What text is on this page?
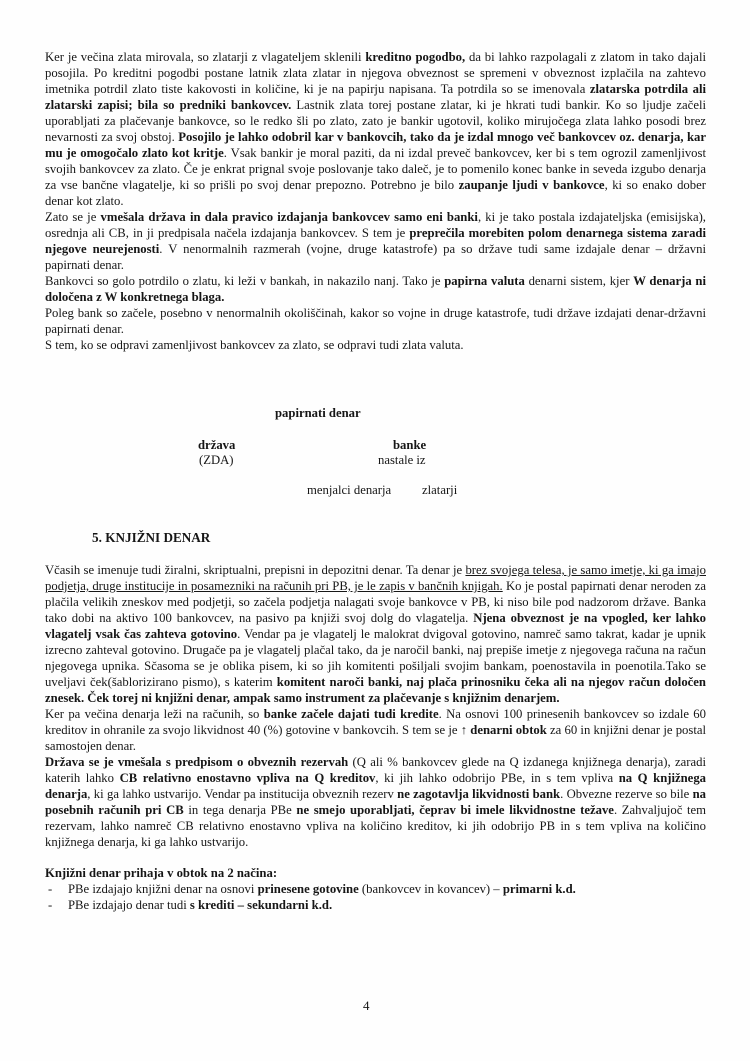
Ker je večina zlata mirovala, so zlatarji z vlagateljem sklenili kreditno pogodbo, da bi lahko razpolagali z zlatom in tako dajali posojila. Po kreditni pogodbi postane latnik zlata zlatar in njegova obveznost se spremeni v obveznost izplačila na zahtevo imetnika potrdil zlato tiste kakovosti in količine, ki je na papirju napisana. Ta potrdila so se imenovala zlatarska potrdila ali zlatarski zapisi; bila so predniki bankovcev. Lastnik zlata torej postane zlatar, ki je hkrati tudi bankir. Ko so ljudje začeli uporabljati za plačevanje bankovce, so le redko šli po zlato, zato je bankir ugotovil, koliko mirujočega zlata lahko posodi brez nevarnosti za svoj obstoj. Posojilo je lahko odobril kar v bankovcih, tako da je izdal mnogo več bankovcev oz. denarja, kar mu je omogočalo zlato kot kritje. Vsak bankir je moral paziti, da ni izdal preveč bankovcev, ker bi s tem ogrozil zamenljivost svojih bankovcev za zlato. Če je enkrat prignal svoje poslovanje tako daleč, je to pomenilo konec banke in seveda izgubo denarja za vse bančne vlagatelje, ki so prišli po svoj denar prepozno. Potrebno je bilo zaupanje ljudi v bankovce, ki so enako dober denar kot zlato.

Zato se je vmešala država in dala pravico izdajanja bankovcev samo eni banki, ki je tako postala izdajateljska (emisijska), osrednja ali CB, in ji predpisala načela izdajanja bankovcev. S tem je preprečila morebiten polom denarnega sistema zaradi njegove neurejenosti. V nenormalnih razmerah (vojne, druge katastrofe) pa so države tudi same izdajale denar – državni papirnati denar.

Bankovci so golo potrdilo o zlatu, ki leži v bankah, in nakazilo nanj. Tako je papirna valuta denarni sistem, kjer W denarja ni določena z W konkretnega blaga.

Poleg bank so začele, posebno v nenormalnih okoliščinah, kakor so vojne in druge katastrofe, tudi države izdajati denar-državni papirnati denar.

S tem, ko se odpravi zamenljivost bankovcev za zlato, se odpravi tudi zlata valuta.

papirnati denar
država
(ZDA)
banke
nastale iz
menjalci denarja zlatarji
5. KNJIŽNI DENAR

Včasih se imenuje tudi žiralni, skriptualni, prepisni in depozitni denar. Ta denar je brez svojega telesa, je samo imetje, ki ga imajo podjetja, druge institucije in posamezniki na računih pri PB, je le zapis v bančnih knjigah. Ko je postal papirnati denar neroden za plačila velikih zneskov med podjetji, so začela podjetja nalagati svoje bankovce v PB, ki niso bile pod nadzorom države. Banka tako dobi na aktivo 100 bankovcev, na pasivo pa knjiži svoj dolg do vlagatelja. Njena obveznost je na vpogled, ker lahko vlagatelj vsak čas zahteva gotovino. Vendar pa je vlagatelj le malokrat dvigoval gotovino, namreč samo takrat, kadar je upnik izrecno zahteval gotovino. Drugače pa je vlagatelj plačal tako, da je naročil banki, naj prepiše imetje z njegovega računa na račun njegovega upnika. Sčasoma se je oblika pisem, ki so jih komitenti pošiljali svojim bankam, poenostavila in poenotila.Tako se uveljavi ček(šablorizirano pismo), s katerim komitent naroči banki, naj plača prinosniku čeka ali na njegov račun določen znesek. Ček torej ni knjižni denar, ampak samo instrument za plačevanje s knjižnim denarjem.

Ker pa večina denarja leži na računih, so banke začele dajati tudi kredite. Na osnovi 100 prinesenih bankovcev so izdale 60 kreditov in ohranile za svojo likvidnost 40 (%) gotovine v bankovcih. S tem se je ↑ denarni obtok za 60 in knjižni denar je postal samostojen denar.

Država se je vmešala s predpisom o obveznih rezervah (Q ali % bankovcev glede na Q izdanega knjižnega denarja), zaradi katerih lahko CB relativno enostavno vpliva na Q kreditov, ki jih lahko odobrijo PBe, in s tem vpliva na Q knjižnega denarja, ki ga lahko ustvarijo. Vendar pa institucija obveznih rezerv ne zagotavlja likvidnosti bank. Obvezne rezerve so bile na posebnih računih pri CB in tega denarja PBe ne smejo uporabljati, čeprav bi imele likvidnostne težave. Zahvaljujoč tem rezervam, lahko namreč CB relativno enostavno vpliva na količino kreditov, ki jih odobrijo PB in s tem vpliva na količino knjižnega denarja, ki ga lahko ustvarijo.

Knjižni denar prihaja v obtok na 2 načina:

-	PBe izdajajo knjižni denar na osnovi prinesene gotovine (bankovcev in kovancev) – primarni k.d.
-	PBe izdajajo denar tudi s krediti – sekundarni k.d.
4
